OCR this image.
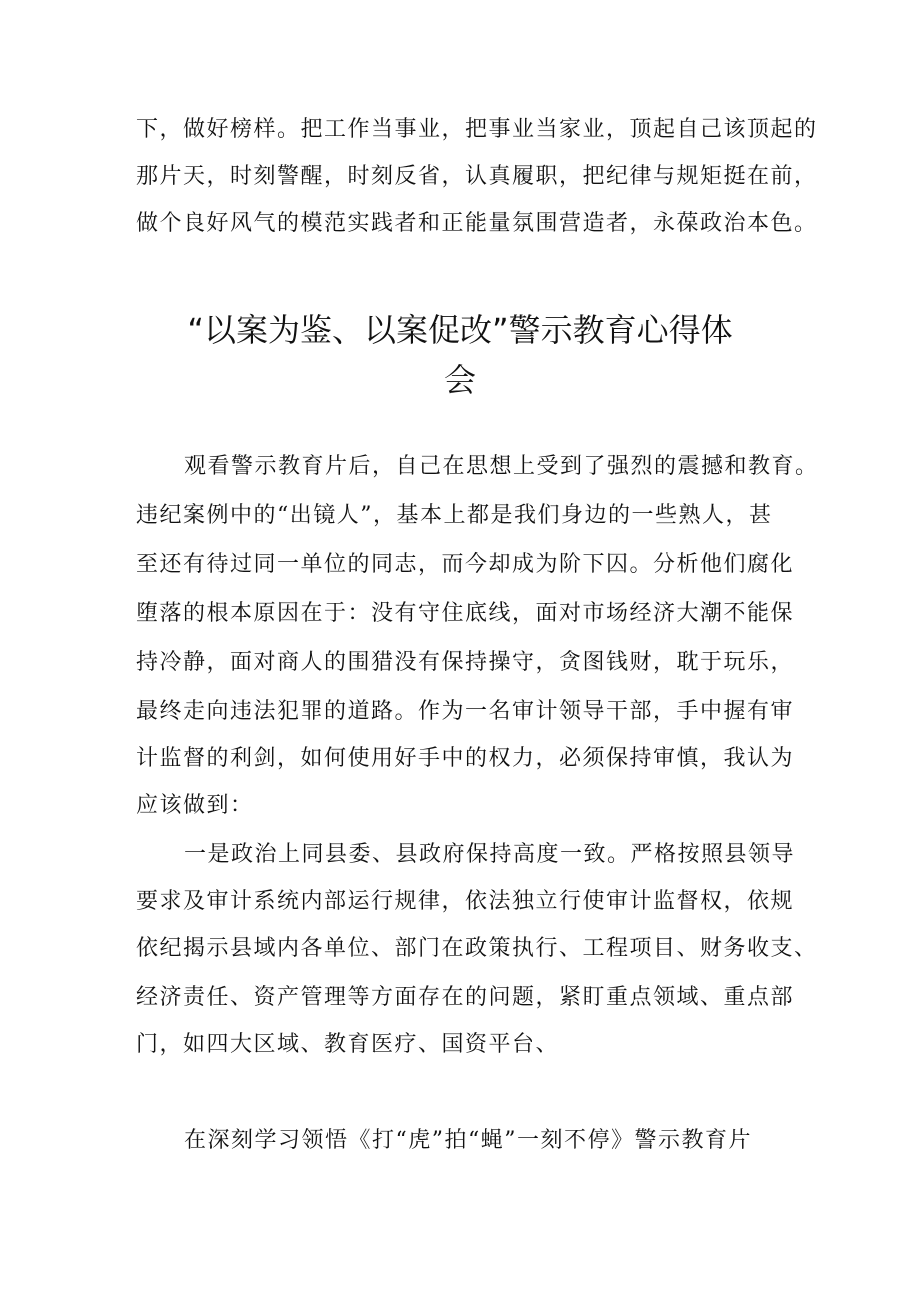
下，做好榜样。把工作当事业，把事业当家业，顶起自己该顶起的
那片天，时刻警醒，时刻反省，认真履职，把纪律与规矩挺在前，
做个良好风气的模范实践者和正能量氛围营造者，永葆政治本色。
“以案为鉴、以案促改”警示教育心得体
会
观看警示教育片后，自己在思想上受到了强烈的震撼和教育。
违纪案例中的“出镜人”，基本上都是我们身边的一些熟人，甚
至还有待过同一单位的同志，而今却成为阶下囚。分析他们腐化
堕落的根本原因在于：没有守住底线，面对市场经济大潮不能保
持冷静，面对商人的围猎没有保持操守，贪图钱财，耽于玩乐，
最终走向违法犯罪的道路。作为一名审计领导干部，手中握有审
计监督的利剑，如何使用好手中的权力，必须保持审慎，我认为
应该做到：
一是政治上同县委、县政府保持高度一致。严格按照县领导
要求及审计系统内部运行规律，依法独立行使审计监督权，依规
依纪揭示县域内各单位、部门在政策执行、工程项目、财务收支、
经济责任、资产管理等方面存在的问题，紧盯重点领域、重点部
门，如四大区域、教育医疗、国资平台、
在深刻学习领悟《打“虎”拍“蝇”一刻不停》警示教育片
